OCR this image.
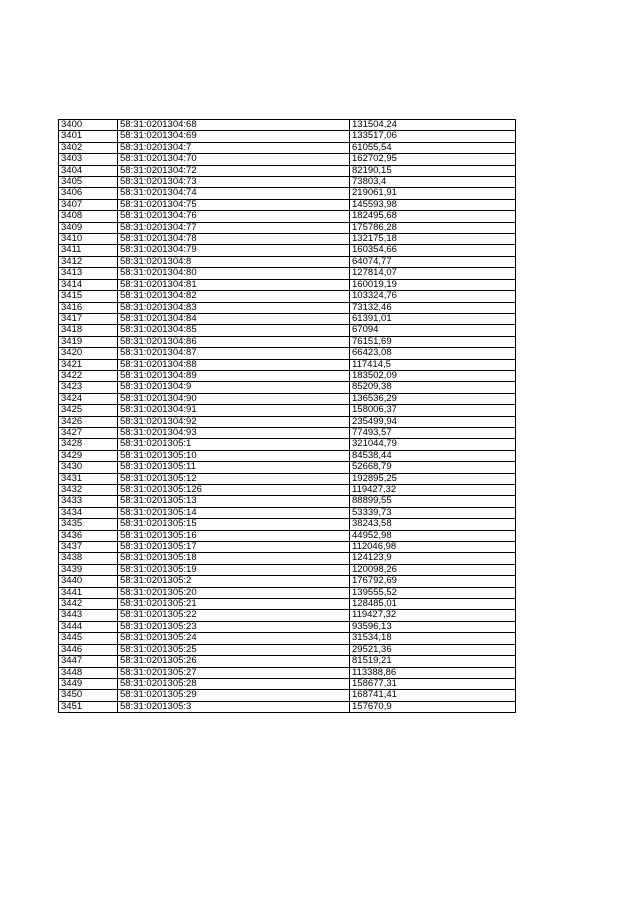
3400	58:31:0201304:68	131504,24
3401	58:31:0201304:69	133517,06
3402	58:31:0201304:7	61055,54
3403	58:31:0201304:70	162702,95
3404	58:31:0201304:72	82190,15
3405	58:31:0201304:73	73803,4
3406	58:31:0201304:74	219061,91
3407	58:31:0201304:75	145593,98
3408	58:31:0201304:76	182495,68
3409	58:31:0201304:77	175786,28
3410	58:31:0201304:78	132175,18
3411	58:31:0201304:79	160354,66
3412	58:31:0201304:8	64074,77
3413	58:31:0201304:80	127814,07
3414	58:31:0201304:81	160019,19
3415	58:31:0201304:82	103324,76
3416	58:31:0201304:83	73132,46
3417	58:31:0201304:84	61391,01
3418	58:31:0201304:85	67094
3419	58:31:0201304:86	76151,69
3420	58:31:0201304:87	66423,08
3421	58:31:0201304:88	117414,5
3422	58:31:0201304:89	183502,09
3423	58:31:0201304:9	85209,38
3424	58:31:0201304:90	136536,29
3425	58:31:0201304:91	158006,37
3426	58:31:0201304:92	235499,94
3427	58:31:0201304:93	77493,57
3428	58:31:0201305:1	321044,79
3429	58:31:0201305:10	84538,44
3430	58:31:0201305:11	52668,79
3431	58:31:0201305:12	192895,25
3432	58:31:0201305:126	119427,32
3433	58:31:0201305:13	88899,55
3434	58:31:0201305:14	53339,73
3435	58:31:0201305:15	38243,58
3436	58:31:0201305:16	44952,98
3437	58:31:0201305:17	112046,98
3438	58:31:0201305:18	124123,9
3439	58:31:0201305:19	120098,26
3440	58:31:0201305:2	176792,69
3441	58:31:0201305:20	139555,52
3442	58:31:0201305:21	128485,01
3443	58:31:0201305:22	119427,32
3444	58:31:0201305:23	93596,13
3445	58:31:0201305:24	31534,18
3446	58:31:0201305:25	29521,36
3447	58:31:0201305:26	81519,21
3448	58:31:0201305:27	113388,86
3449	58:31:0201305:28	158677,31
3450	58:31:0201305:29	168741,41
3451	58:31:0201305:3	157670,9
